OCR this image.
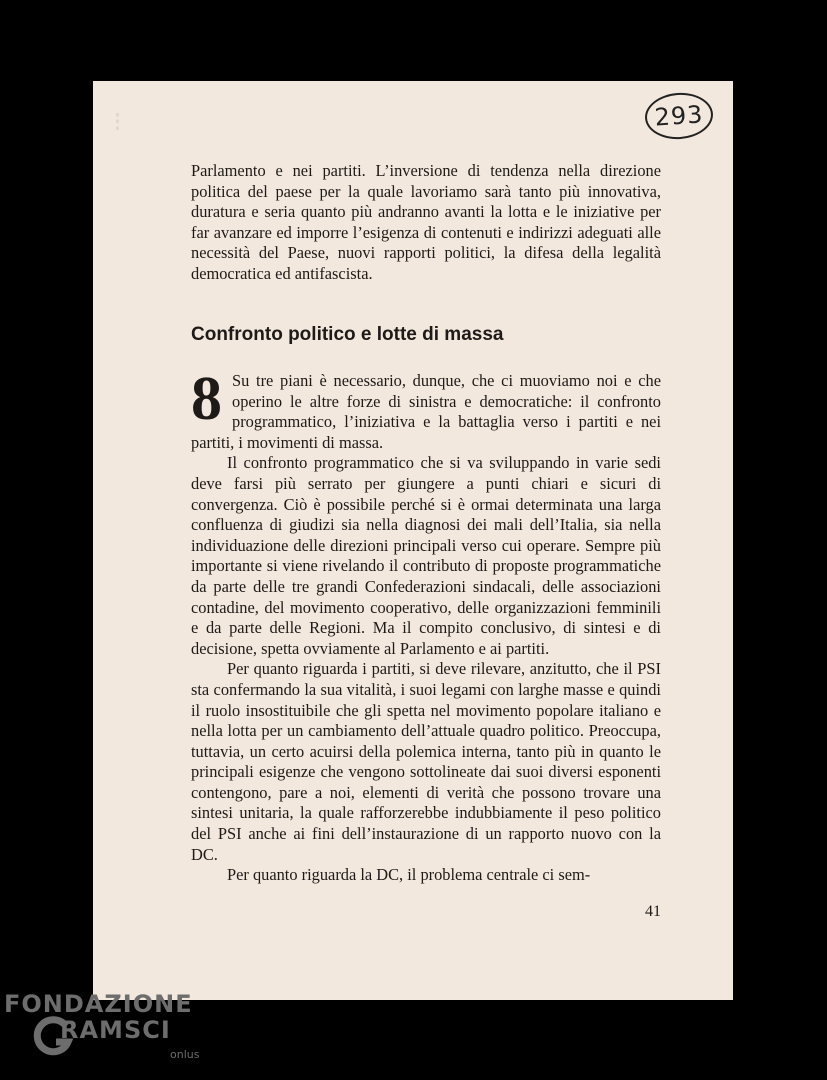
⁝	293

Parlamento e nei partiti. L’inversione di tendenza nella direzione politica del paese per la quale lavoriamo sarà tanto più innovativa, duratura e seria quanto più andranno avanti la lotta e le iniziative per far avanzare ed imporre l’esigenza di contenuti e indirizzi adeguati alle necessità del Paese, nuovi rapporti politici, la difesa della legalità democratica ed antifascista.

Confronto politico e lotte di massa

8 Su tre piani è necessario, dunque, che ci muoviamo noi e che operino le altre forze di sinistra e democratiche: il confronto programmatico, l’iniziativa e la battaglia verso i partiti e nei partiti, i movimenti di massa.

Il confronto programmatico che si va sviluppando in varie sedi deve farsi più serrato per giungere a punti chiari e sicuri di convergenza. Ciò è possibile perché si è ormai determinata una larga confluenza di giudizi sia nella diagnosi dei mali dell’Italia, sia nella individuazione delle direzioni principali verso cui operare. Sempre più importante si viene rivelando il contributo di proposte programmatiche da parte delle tre grandi Confederazioni sindacali, delle associazioni contadine, del movimento cooperativo, delle organizzazioni femminili e da parte delle Regioni. Ma il compito conclusivo, di sintesi e di decisione, spetta ovviamente al Parlamento e ai partiti.

Per quanto riguarda i partiti, si deve rilevare, anzitutto, che il PSI sta confermando la sua vitalità, i suoi legami con larghe masse e quindi il ruolo insostituibile che gli spetta nel movimento popolare italiano e nella lotta per un cambiamento dell’attuale quadro politico. Preoccupa, tuttavia, un certo acuirsi della polemica interna, tanto più in quanto le principali esigenze che vengono sottolineate dai suoi diversi esponenti contengono, pare a noi, elementi di verità che possono trovare una sintesi unitaria, la quale rafforzerebbe indubbiamente il peso politico del PSI anche ai fini dell’instaurazione di un rapporto nuovo con la DC.

Per quanto riguarda la DC, il problema centrale ci sem-

41
FONDAZIONE
RAMSCI
onlus
